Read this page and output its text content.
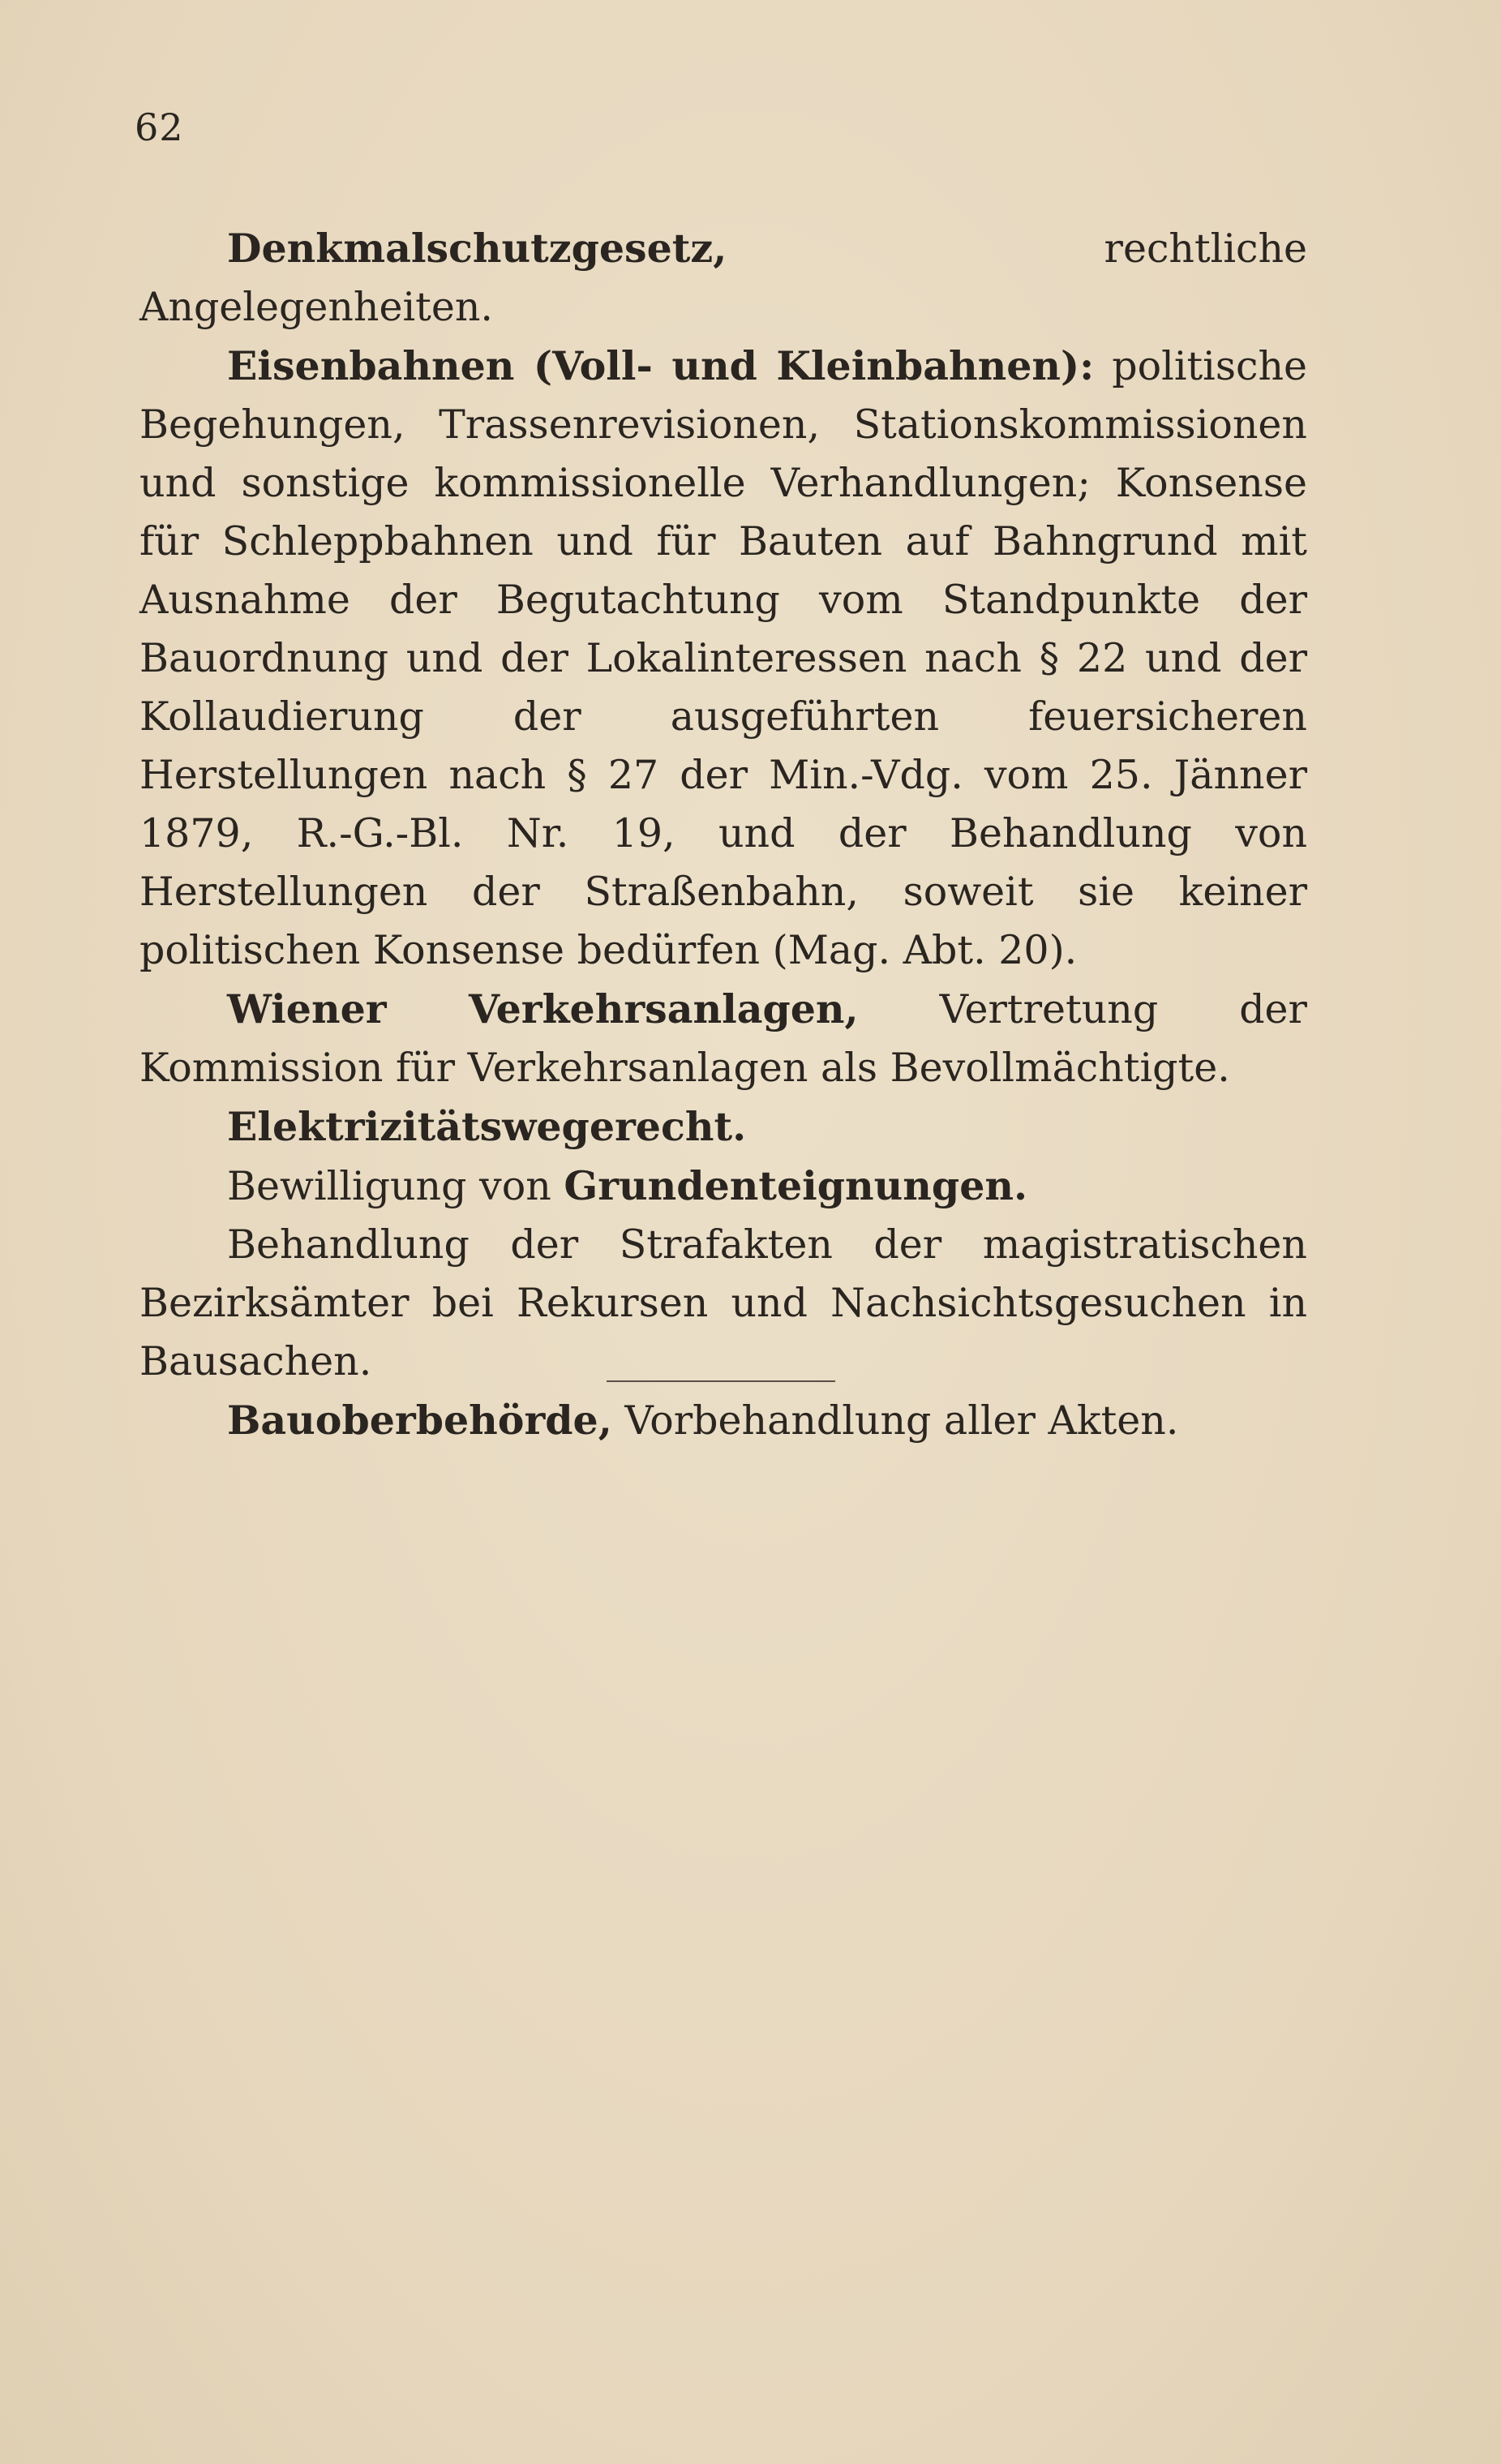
62

Denkmalschutzgesetz, rechtliche Angelegenheiten.

Eisenbahnen (Voll- und Kleinbahnen): politische Begehungen, Trassenrevisionen, Stationskommissionen und sonstige kommissionelle Verhandlungen; Konsense für Schleppbahnen und für Bauten auf Bahngrund mit Ausnahme der Begutachtung vom Standpunkte der Bauordnung und der Lokalinteressen nach § 22 und der Kollaudierung der ausgeführten feuersicheren Herstellungen nach § 27 der Min.-Vdg. vom 25. Jänner 1879, R.-G.-Bl. Nr. 19, und der Behandlung von Herstellungen der Straßenbahn, soweit sie keiner politischen Konsense bedürfen (Mag. Abt. 20).

Wiener Verkehrsanlagen, Vertretung der Kommission für Verkehrsanlagen als Bevollmächtigte.

Elektrizitätswegerecht.

Bewilligung von Grundenteignungen.

Behandlung der Strafakten der magistratischen Bezirksämter bei Rekursen und Nachsichtsgesuchen in Bausachen.

Bauoberbehörde, Vorbehandlung aller Akten.
